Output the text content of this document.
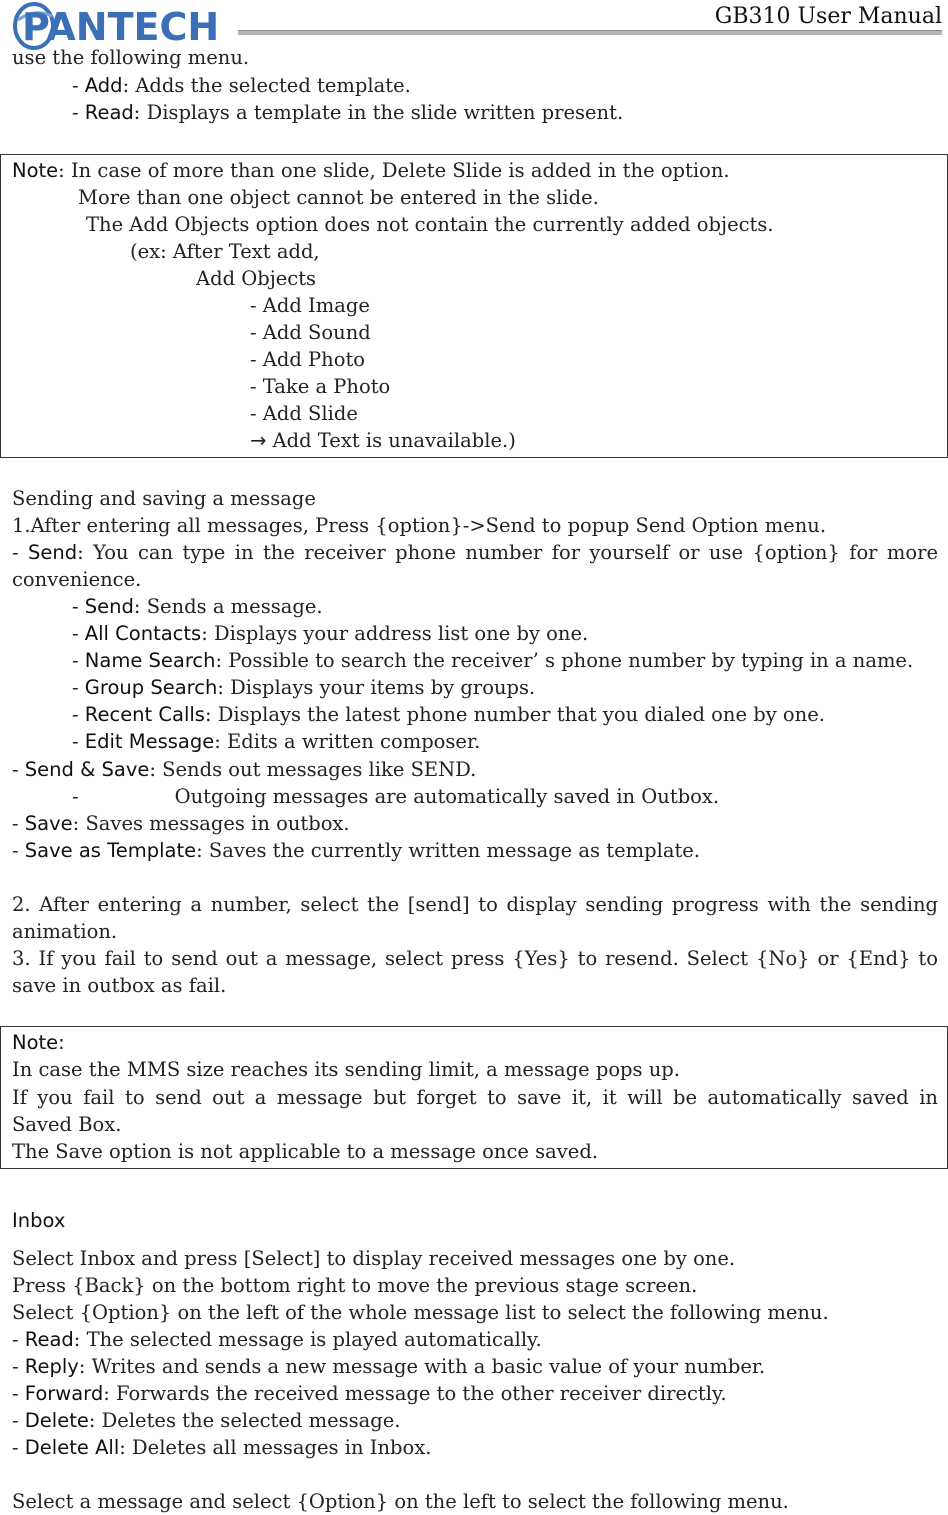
PANTECH	GB310 User Manual
use the following menu.
- Add: Adds the selected template.
- Read: Displays a template in the slide written present.
Note: In case of more than one slide, Delete Slide is added in the option.
More than one object cannot be entered in the slide.
The Add Objects option does not contain the currently added objects.
(ex: After Text add,
Add Objects
- Add Image
- Add Sound
- Add Photo
- Take a Photo
- Add Slide
→ Add Text is unavailable.)
Sending and saving a message
1.After entering all messages, Press {option}->Send to popup Send Option menu.
- Send: You can type in the receiver phone number for yourself or use {option} for more
convenience.
- Send: Sends a message.
- All Contacts: Displays your address list one by one.
- Name Search: Possible to search the receiver’ s phone number by typing in a name.
- Group Search: Displays your items by groups.
- Recent Calls: Displays the latest phone number that you dialed one by one.
- Edit Message: Edits a written composer.
- Send & Save: Sends out messages like SEND.
-	Outgoing messages are automatically saved in Outbox.
- Save: Saves messages in outbox.
- Save as Template: Saves the currently written message as template.
2. After entering a number, select the [send] to display sending progress with the sending
animation.
3. If you fail to send out a message, select press {Yes} to resend. Select {No} or {End} to
save in outbox as fail.
Note:
In case the MMS size reaches its sending limit, a message pops up.
If you fail to send out a message but forget to save it, it will be automatically saved in
Saved Box.
The Save option is not applicable to a message once saved.
Inbox
Select Inbox and press [Select] to display received messages one by one.
Press {Back} on the bottom right to move the previous stage screen.
Select {Option} on the left of the whole message list to select the following menu.
- Read: The selected message is played automatically.
- Reply: Writes and sends a new message with a basic value of your number.
- Forward: Forwards the received message to the other receiver directly.
- Delete: Deletes the selected message.
- Delete All: Deletes all messages in Inbox.
Select a message and select {Option} on the left to select the following menu.
